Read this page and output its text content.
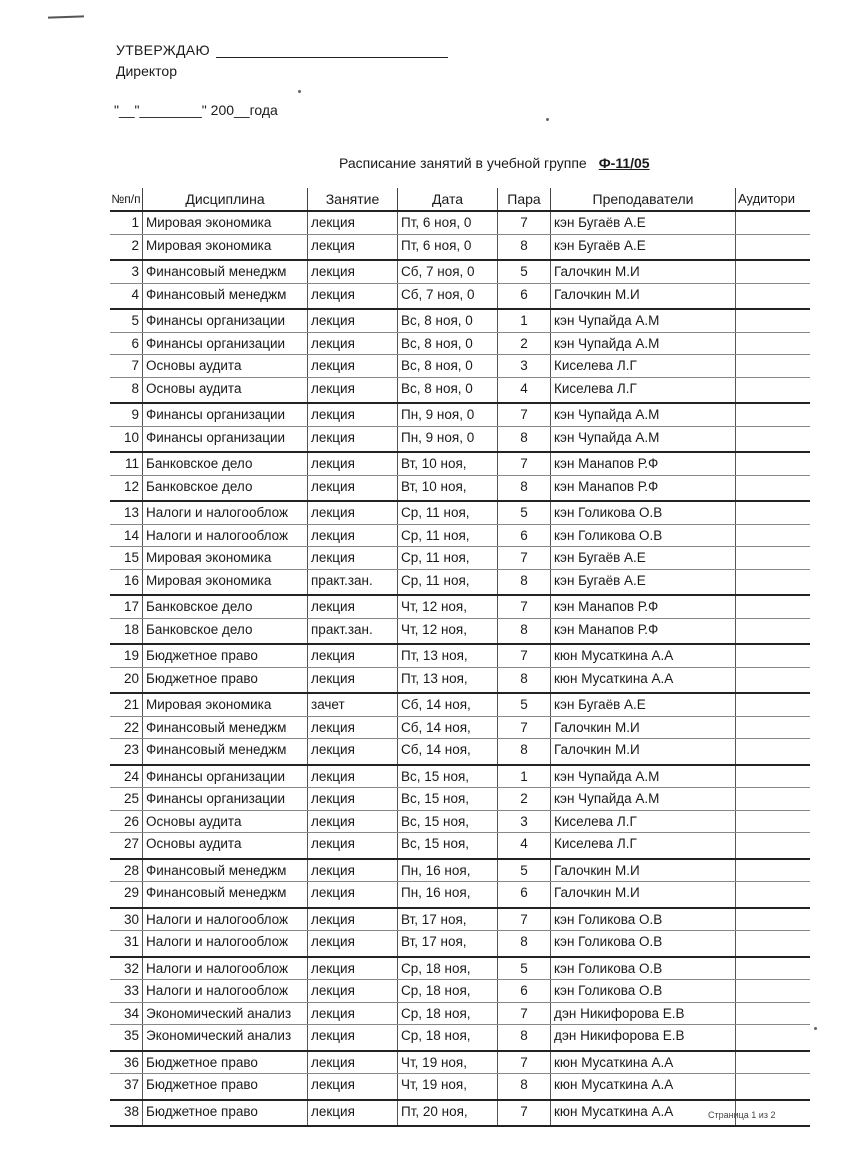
УТВЕРЖДАЮ
Директор
"__"________" 200__года
Расписание занятий в учебной группе Ф-11/05
№п/п	Дисциплина	Занятие	Дата	Пара	Преподаватели	Аудитори
1 Мировая экономика	лекция	Пт, 6 ноя, 0	7	кэн Бугаёв А.Е
2 Мировая экономика	лекция	Пт, 6 ноя, 0	8	кэн Бугаёв А.Е
3 Финансовый менеджм	лекция	Сб, 7 ноя, 0	5	Галочкин М.И
4 Финансовый менеджм	лекция	Сб, 7 ноя, 0	6	Галочкин М.И
5 Финансы организации	лекция	Вс, 8 ноя, 0	1	кэн Чупайда А.М
6 Финансы организации	лекция	Вс, 8 ноя, 0	2	кэн Чупайда А.М
7 Основы аудита	лекция	Вс, 8 ноя, 0	3	Киселева Л.Г
8 Основы аудита	лекция	Вс, 8 ноя, 0	4	Киселева Л.Г
9 Финансы организации	лекция	Пн, 9 ноя, 0	7	кэн Чупайда А.М
10 Финансы организации	лекция	Пн, 9 ноя, 0	8	кэн Чупайда А.М
11 Банковское дело	лекция	Вт, 10 ноя,	7	кэн Манапов Р.Ф
12 Банковское дело	лекция	Вт, 10 ноя,	8	кэн Манапов Р.Ф
13 Налоги и налогооблож	лекция	Ср, 11 ноя,	5	кэн Голикова О.В
14 Налоги и налогооблож	лекция	Ср, 11 ноя,	6	кэн Голикова О.В
15 Мировая экономика	лекция	Ср, 11 ноя,	7	кэн Бугаёв А.Е
16 Мировая экономика	практ.зан.	Ср, 11 ноя,	8	кэн Бугаёв А.Е
17 Банковское дело	лекция	Чт, 12 ноя,	7	кэн Манапов Р.Ф
18 Банковское дело	практ.зан.	Чт, 12 ноя,	8	кэн Манапов Р.Ф
19 Бюджетное право	лекция	Пт, 13 ноя,	7	кюн Мусаткина А.А
20 Бюджетное право	лекция	Пт, 13 ноя,	8	кюн Мусаткина А.А
21 Мировая экономика	зачет	Сб, 14 ноя,	5	кэн Бугаёв А.Е
22 Финансовый менеджм	лекция	Сб, 14 ноя,	7	Галочкин М.И
23 Финансовый менеджм	лекция	Сб, 14 ноя,	8	Галочкин М.И
24 Финансы организации	лекция	Вс, 15 ноя,	1	кэн Чупайда А.М
25 Финансы организации	лекция	Вс, 15 ноя,	2	кэн Чупайда А.М
26 Основы аудита	лекция	Вс, 15 ноя,	3	Киселева Л.Г
27 Основы аудита	лекция	Вс, 15 ноя,	4	Киселева Л.Г
28 Финансовый менеджм	лекция	Пн, 16 ноя,	5	Галочкин М.И
29 Финансовый менеджм	лекция	Пн, 16 ноя,	6	Галочкин М.И
30 Налоги и налогооблож	лекция	Вт, 17 ноя,	7	кэн Голикова О.В
31 Налоги и налогооблож	лекция	Вт, 17 ноя,	8	кэн Голикова О.В
32 Налоги и налогооблож	лекция	Ср, 18 ноя,	5	кэн Голикова О.В
33 Налоги и налогооблож	лекция	Ср, 18 ноя,	6	кэн Голикова О.В
34 Экономический анализ	лекция	Ср, 18 ноя,	7	дэн Никифорова Е.В
35 Экономический анализ	лекция	Ср, 18 ноя,	8	дэн Никифорова Е.В
36 Бюджетное право	лекция	Чт, 19 ноя,	7	кюн Мусаткина А.А
37 Бюджетное право	лекция	Чт, 19 ноя,	8	кюн Мусаткина А.А
38 Бюджетное право	лекция	Пт, 20 ноя,	7	кюн Мусаткина А.А	Страница 1 из 2
